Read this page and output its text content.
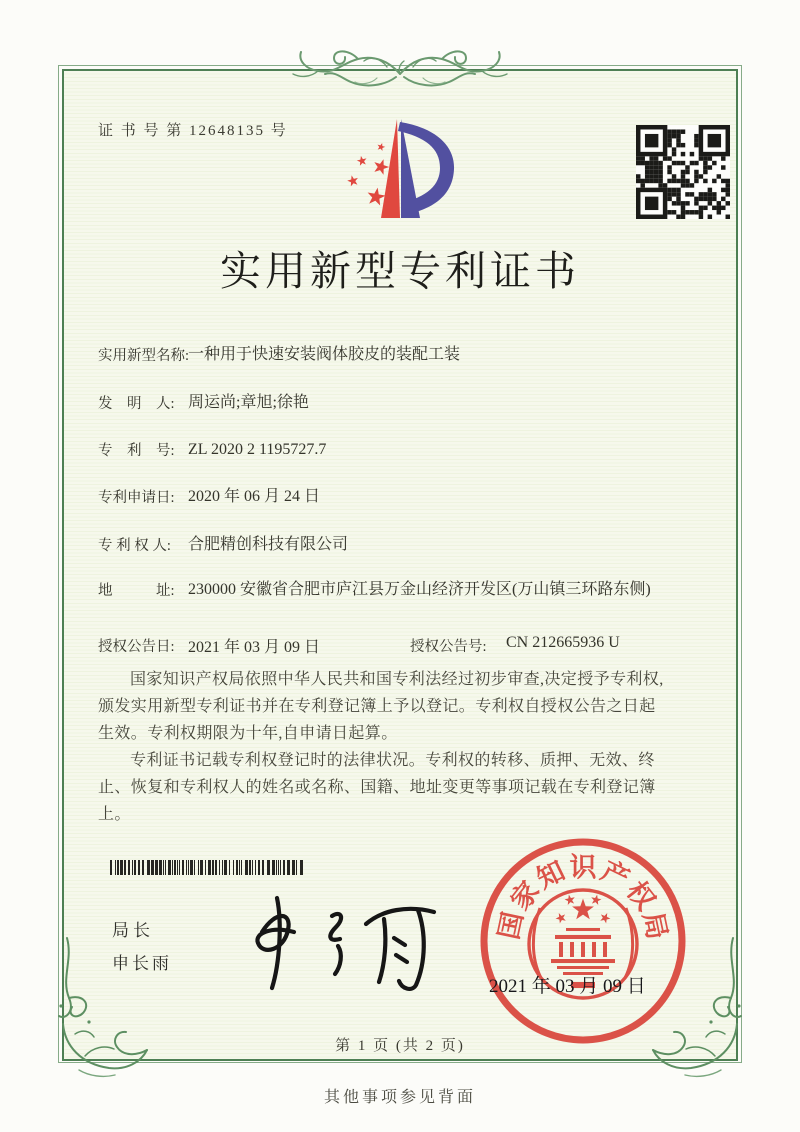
证 书 号 第 12648135 号
实用新型专利证书
实用新型名称:
一种用于快速安装阀体胶皮的装配工装
发　明　人: 周运尚;章旭;徐艳
专　利　号: ZL 2020 2 1195727.7
专利申请日: 2020 年 06 月 24 日
专 利 权 人:	合肥精创科技有限公司
地　　　址: 230000 安徽省合肥市庐江县万金山经济开发区(万山镇三环路东侧)
授权公告日: 2021 年 03 月 09 日	授权公告号:	CN 212665936 U

国家知识产权局依照中华人民共和国专利法经过初步审查,决定授予专利权,颁发实用新型专利证书并在专利登记簿上予以登记。专利权自授权公告之日起生效。专利权期限为十年,自申请日起算。

专利证书记载专利权登记时的法律状况。专利权的转移、质押、无效、终止、恢复和专利权人的姓名或名称、国籍、地址变更等事项记载在专利登记簿上。

局长
申长雨
国
家
知 识 产
权
局
2021 年 03 月 09 日
第 1 页 (共 2 页)
其他事项参见背面
